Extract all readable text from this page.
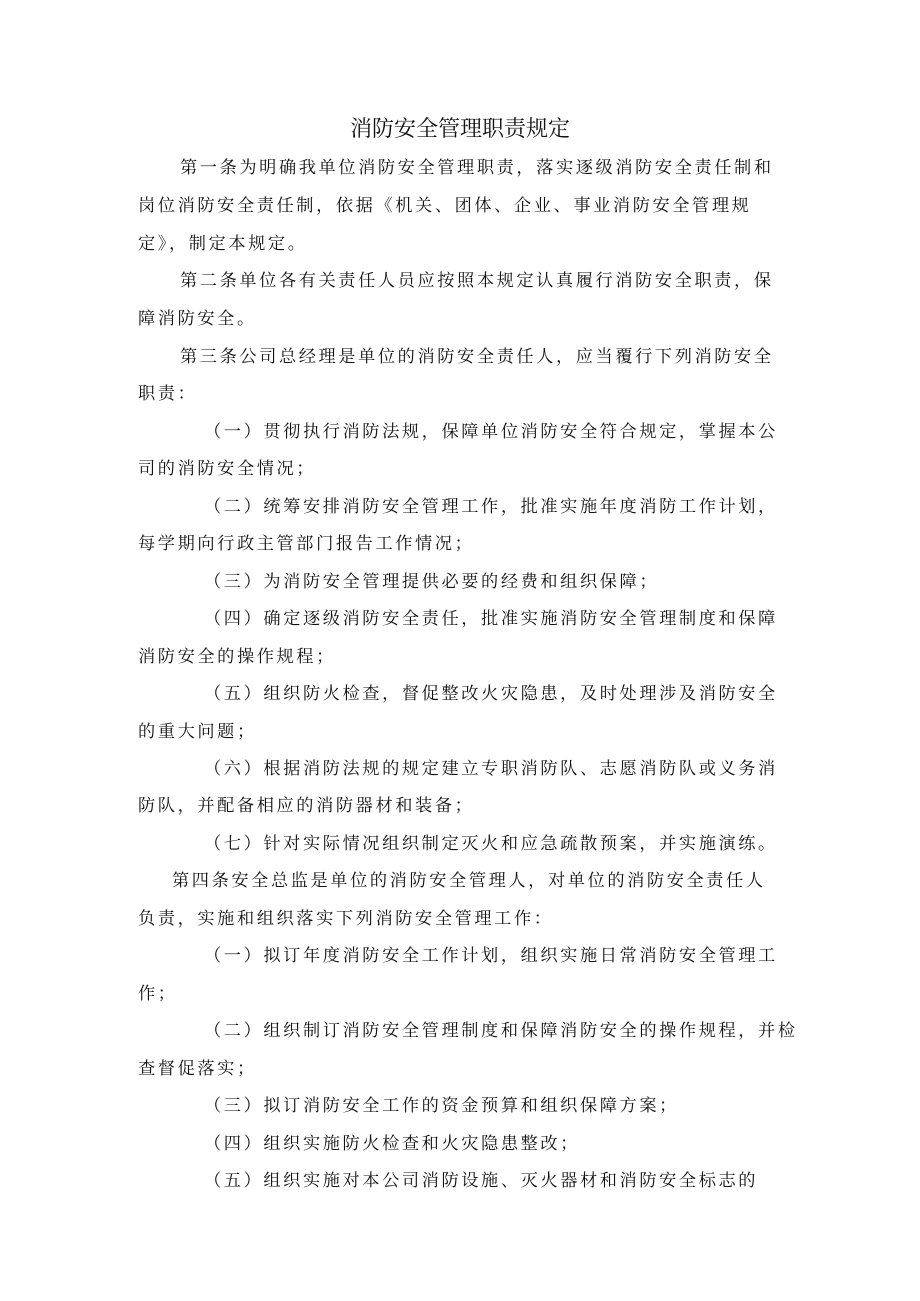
消防安全管理职责规定
第一条为明确我单位消防安全管理职责，落实逐级消防安全责任制和
岗位消防安全责任制，依据《机关、团体、企业、事业消防安全管理规
定》，制定本规定。
第二条单位各有关责任人员应按照本规定认真履行消防安全职责，保
障消防安全。
第三条公司总经理是单位的消防安全责任人，应当覆行下列消防安全
职责：
（一）贯彻执行消防法规，保障单位消防安全符合规定，掌握本公
司的消防安全情况；
（二）统筹安排消防安全管理工作，批准实施年度消防工作计划，
每学期向行政主管部门报告工作情况；
（三）为消防安全管理提供必要的经费和组织保障；
（四）确定逐级消防安全责任，批准实施消防安全管理制度和保障
消防安全的操作规程；
（五）组织防火检查，督促整改火灾隐患，及时处理涉及消防安全
的重大问题；
（六）根据消防法规的规定建立专职消防队、志愿消防队或义务消
防队，并配备相应的消防器材和装备；
（七）针对实际情况组织制定灭火和应急疏散预案，并实施演练。
第四条安全总监是单位的消防安全管理人，对单位的消防安全责任人
负责，实施和组织落实下列消防安全管理工作：
（一）拟订年度消防安全工作计划，组织实施日常消防安全管理工
作；
（二）组织制订消防安全管理制度和保障消防安全的操作规程，并检
查督促落实；
（三）拟订消防安全工作的资金预算和组织保障方案；
（四）组织实施防火检查和火灾隐患整改；
（五）组织实施对本公司消防设施、灭火器材和消防安全标志的
